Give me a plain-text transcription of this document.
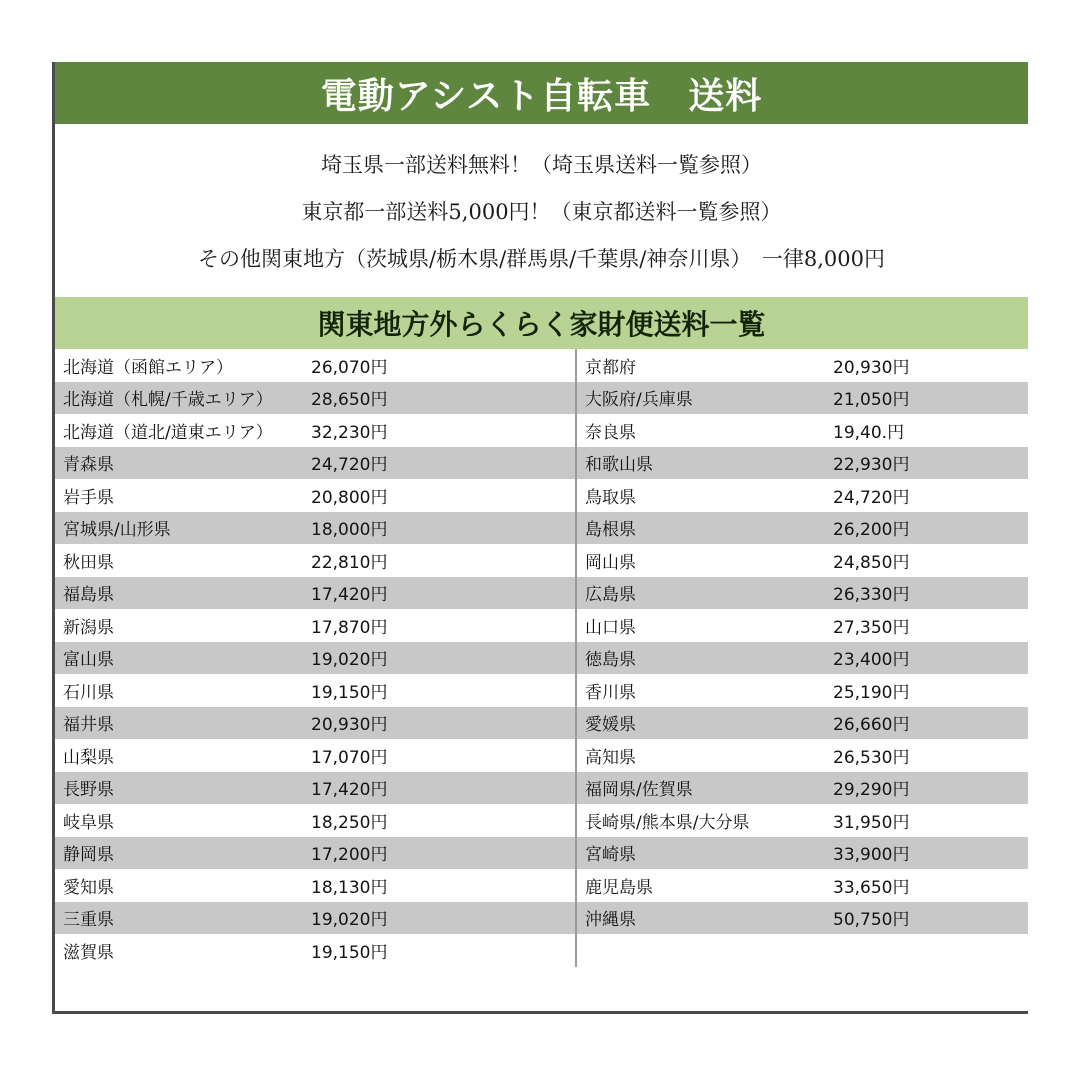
電動アシスト自転車　送料
埼玉県一部送料無料！（埼玉県送料一覧参照）
東京都一部送料5,000円！（東京都送料一覧参照）
その他関東地方（茨城県/栃木県/群馬県/千葉県/神奈川県）　一律8,000円
関東地方外らくらく家財便送料一覧
北海道（函館エリア）	26,070円	京都府	20,930円
北海道（札幌/千歳エリア）	28,650円	大阪府/兵庫県	21,050円
北海道（道北/道東エリア）	32,230円	奈良県	19,40.円
青森県	24,720円	和歌山県	22,930円
岩手県	20,800円	鳥取県	24,720円
宮城県/山形県	18,000円	島根県	26,200円
秋田県	22,810円	岡山県	24,850円
福島県	17,420円	広島県	26,330円
新潟県	17,870円	山口県	27,350円
富山県	19,020円	徳島県	23,400円
石川県	19,150円	香川県	25,190円
福井県	20,930円	愛媛県	26,660円
山梨県	17,070円	高知県	26,530円
長野県	17,420円	福岡県/佐賀県	29,290円
岐阜県	18,250円	長崎県/熊本県/大分県	31,950円
静岡県	17,200円	宮崎県	33,900円
愛知県	18,130円	鹿児島県	33,650円
三重県	19,020円	沖縄県	50,750円
滋賀県	19,150円		
